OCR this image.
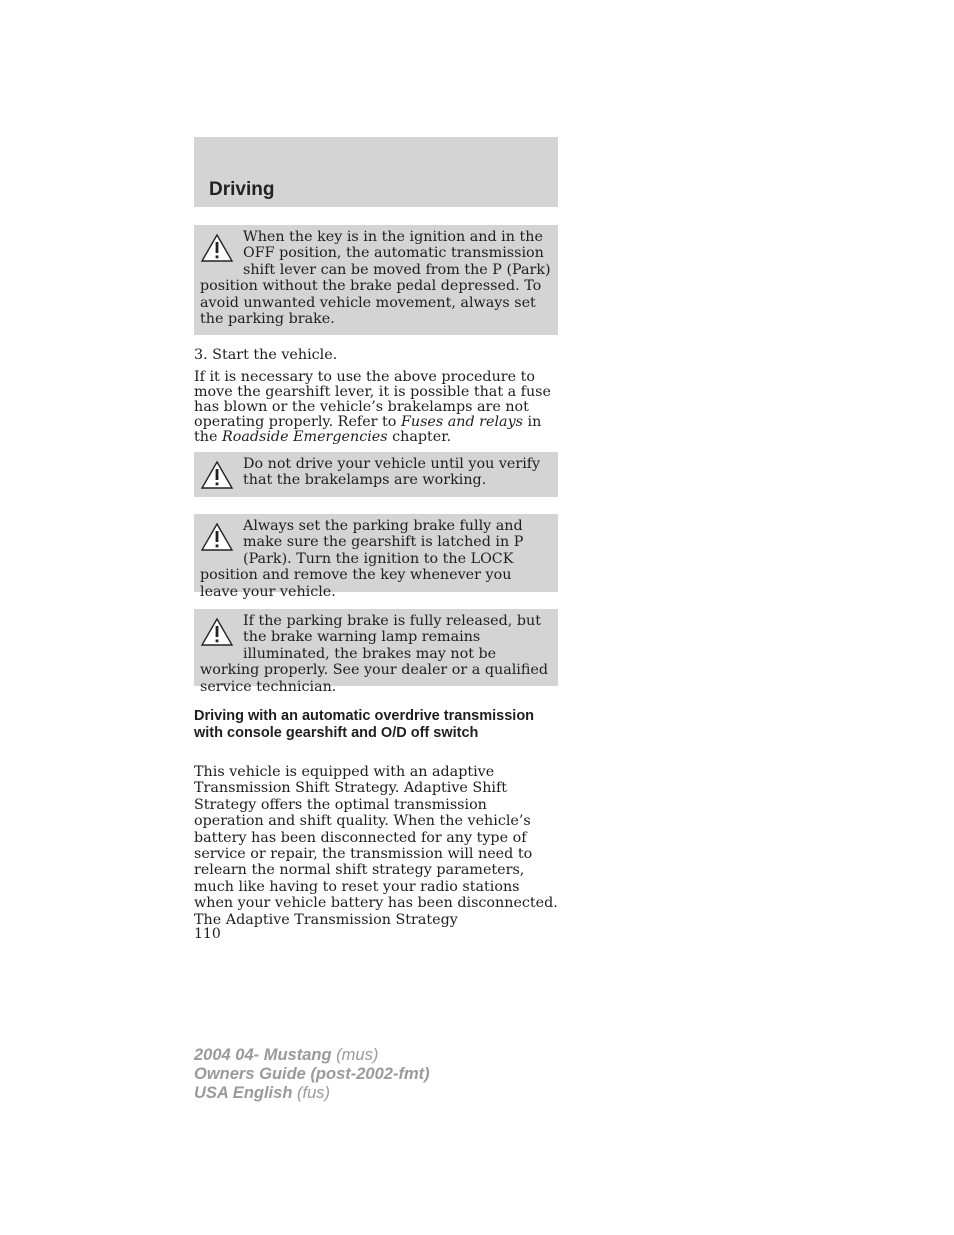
Driving
When the key is in the ignition and in the OFF position, the automatic transmission shift lever can be moved from the P (Park) position without the brake pedal depressed. To avoid unwanted vehicle movement, always set the parking brake.
3. Start the vehicle.
If it is necessary to use the above procedure to move the gearshift lever, it is possible that a fuse has blown or the vehicle’s brakelamps are not operating properly. Refer to Fuses and relays in the Roadside Emergencies chapter.
Do not drive your vehicle until you verify that the brakelamps are working.
Always set the parking brake fully and make sure the gearshift is latched in P (Park). Turn the ignition to the LOCK position and remove the key whenever you leave your vehicle.
If the parking brake is fully released, but the brake warning lamp remains illuminated, the brakes may not be working properly. See your dealer or a qualified service technician.
Driving with an automatic overdrive transmission with console gearshift and O/D off switch
This vehicle is equipped with an adaptive Transmission Shift Strategy. Adaptive Shift Strategy offers the optimal transmission operation and shift quality. When the vehicle’s battery has been disconnected for any type of service or repair, the transmission will need to relearn the normal shift strategy parameters, much like having to reset your radio stations when your vehicle battery has been disconnected. The Adaptive Transmission Strategy
110
2004 04- Mustang (mus)
Owners Guide (post-2002-fmt)
USA English (fus)
